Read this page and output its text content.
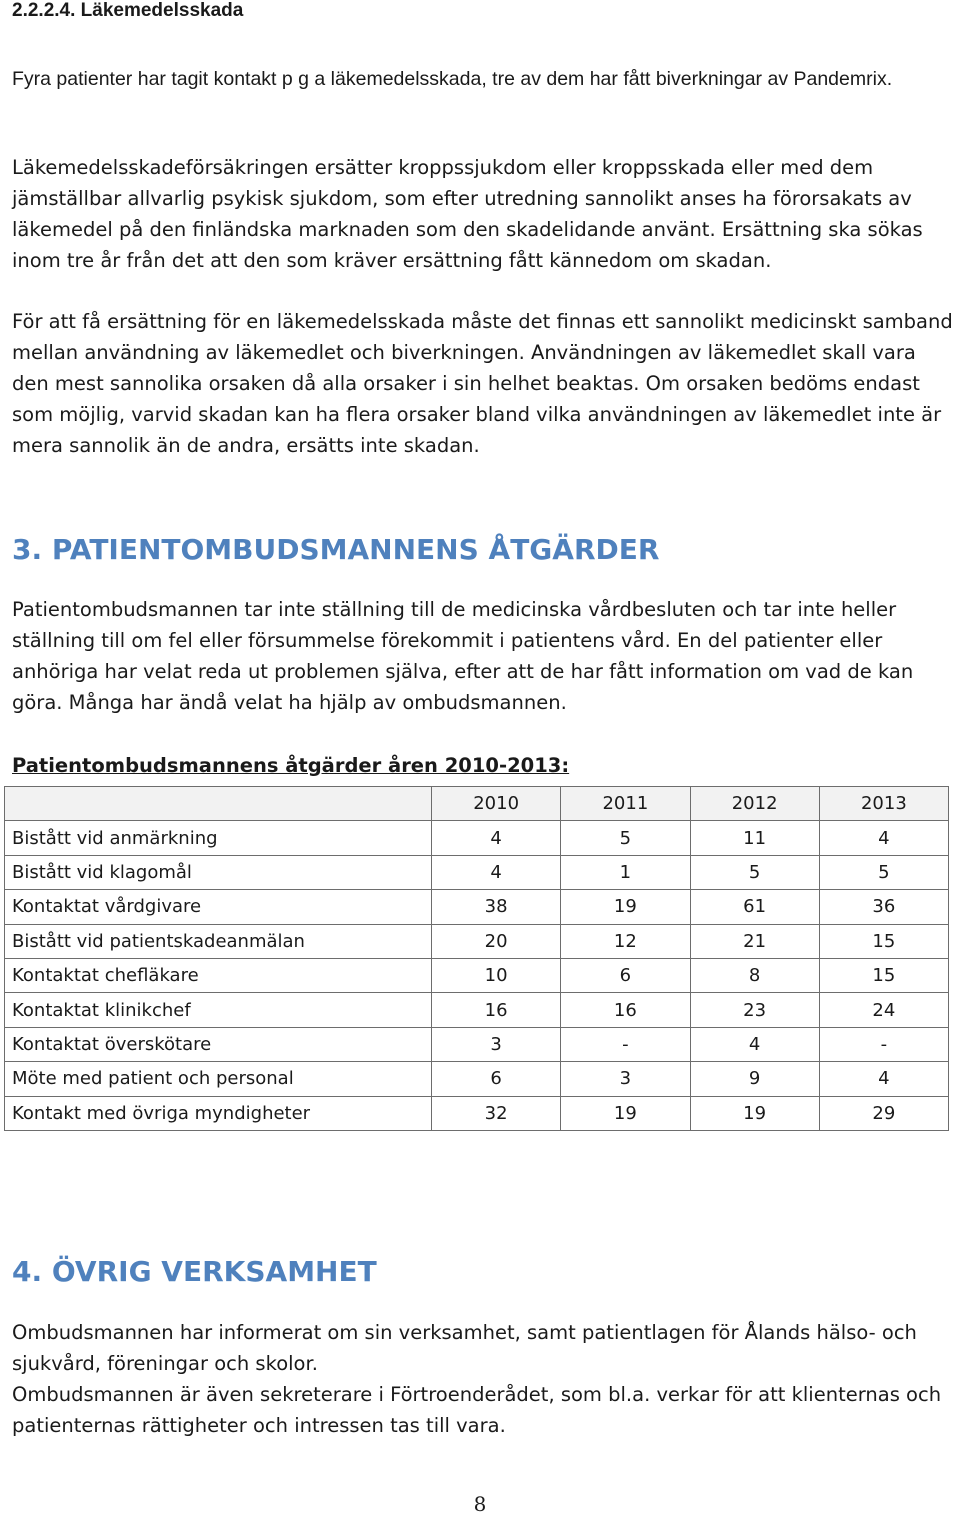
2.2.2.4. Läkemedelsskada

Fyra patienter har tagit kontakt p g a läkemedelsskada, tre av dem har fått biverkningar av Pandemrix.

Läkemedelsskadeförsäkringen ersätter kroppssjukdom eller kroppsskada eller med dem jämställbar allvarlig psykisk sjukdom, som efter utredning sannolikt anses ha förorsakats av läkemedel på den finländska marknaden som den skadelidande använt. Ersättning ska sökas inom tre år från det att den som kräver ersättning fått kännedom om skadan.

För att få ersättning för en läkemedelsskada måste det finnas ett sannolikt medicinskt samband mellan användning av läkemedlet och biverkningen. Användningen av läkemedlet skall vara den mest sannolika orsaken då alla orsaker i sin helhet beaktas. Om orsaken bedöms endast som möjlig, varvid skadan kan ha flera orsaker bland vilka användningen av läkemedlet inte är mera sannolik än de andra, ersätts inte skadan.

3. PATIENTOMBUDSMANNENS ÅTGÄRDER

Patientombudsmannen tar inte ställning till de medicinska vårdbesluten och tar inte heller ställning till om fel eller försummelse förekommit i patientens vård. En del patienter eller anhöriga har velat reda ut problemen själva, efter att de har fått information om vad de kan göra. Många har ändå velat ha hjälp av ombudsmannen.

Patientombudsmannens åtgärder åren 2010-2013:

	2010	2011	2012	2013
Bistått vid anmärkning	4	5	11	4
Bistått vid klagomål	4	1	5	5
Kontaktat vårdgivare	38	19	61	36
Bistått vid patientskadeanmälan	20	12	21	15
Kontaktat chefläkare	10	6	8	15
Kontaktat klinikchef	16	16	23	24
Kontaktat överskötare	3	-	4	-
Möte med patient och personal	6	3	9	4
Kontakt med övriga myndigheter	32	19	19	29
4. ÖVRIG VERKSAMHET

Ombudsmannen har informerat om sin verksamhet, samt patientlagen för Ålands hälso- och sjukvård, föreningar och skolor.

Ombudsmannen är även sekreterare i Förtroenderådet, som bl.a. verkar för att klienternas och patienternas rättigheter och intressen tas till vara.

8
